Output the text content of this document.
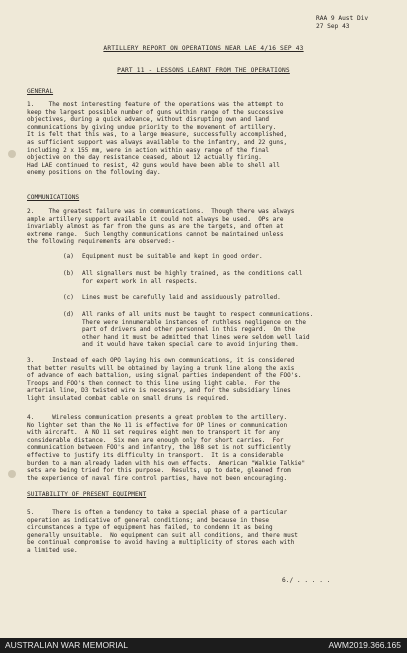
RAA 9 Aust Div
27 Sep 43
ARTILLERY REPORT ON OPERATIONS NEAR LAE 4/16 SEP 43
PART 11 - LESSONS LEARNT FROM THE OPERATIONS
GENERAL
1.    The most interesting feature of the operations was the attempt to
keep the largest possible number of guns within range of the successive
objectives, during a quick advance, without disrupting own and land
communications by giving undue priority to the movement of artillery.
It is felt that this was, to a large measure, successfully accomplished,
as sufficient support was always available to the infantry, and 22 guns,
including 2 x 155 mm, were in action within easy range of the final
objective on the day resistance ceased, about 12 actually firing.
Had LAE continued to resist, 42 guns would have been able to shell all
enemy positions on the following day.
COMMUNICATIONS
2.    The greatest failure was in communications.  Though there was always
ample artillery support available it could not always be used.  OPs are
invariably almost as far from the guns as are the targets, and often at
extreme range.  Such lengthy communications cannot be maintained unless
the following requirements are observed:-
(a) Equipment must be suitable and kept in good order.
(b) All signallers must be highly trained, as the conditions call
for expert work in all respects.
(c) Lines must be carefully laid and assiduously patrolled.
(d) All ranks of all units must be taught to respect communications.
There were innumerable instances of ruthless negligence on the
part of drivers and other personnel in this regard.  On the
other hand it must be admitted that lines were seldom well laid
and it would have taken special care to avoid injuring them.
3.     Instead of each OPO laying his own communications, it is considered
that better results will be obtained by laying a trunk line along the axis
of advance of each battalion, using signal parties independent of the FOO's.
Troops and FOO's then connect to this line using light cable.  For the
arterial line, D3 twisted wire is necessary, and for the subsidiary lines
light insulated combat cable on small drums is required.
4.     Wireless communication presents a great problem to the artillery.
No lighter set than the No 11 is effective for OP lines or communication
with aircraft.  A NO 11 set requires eight men to transport it for any
considerable distance.  Six men are enough only for short carries.  For
communication between FOO's and infantry, the 108 set is not sufficiently
effective to justify its difficulty in transport.  It is a considerable
burden to a man already laden with his own effects.  American "Walkie Talkie"
sets are being tried for this purpose.  Results, up to date, gleaned from
the experience of naval fire control parties, have not been encouraging.
SUITABILITY OF PRESENT EQUIPMENT
5.     There is often a tendency to take a special phase of a particular
operation as indicative of general conditions; and because in these
circumstances a type of equipment has failed, to condemn it as being
generally unsuitable.  No equipment can suit all conditions, and there must
be continual compromise to avoid having a multiplicity of stores each with
a limited use.
6./ . . . . .
AUSTRALIAN WAR MEMORIAL	AWM2019.366.165
